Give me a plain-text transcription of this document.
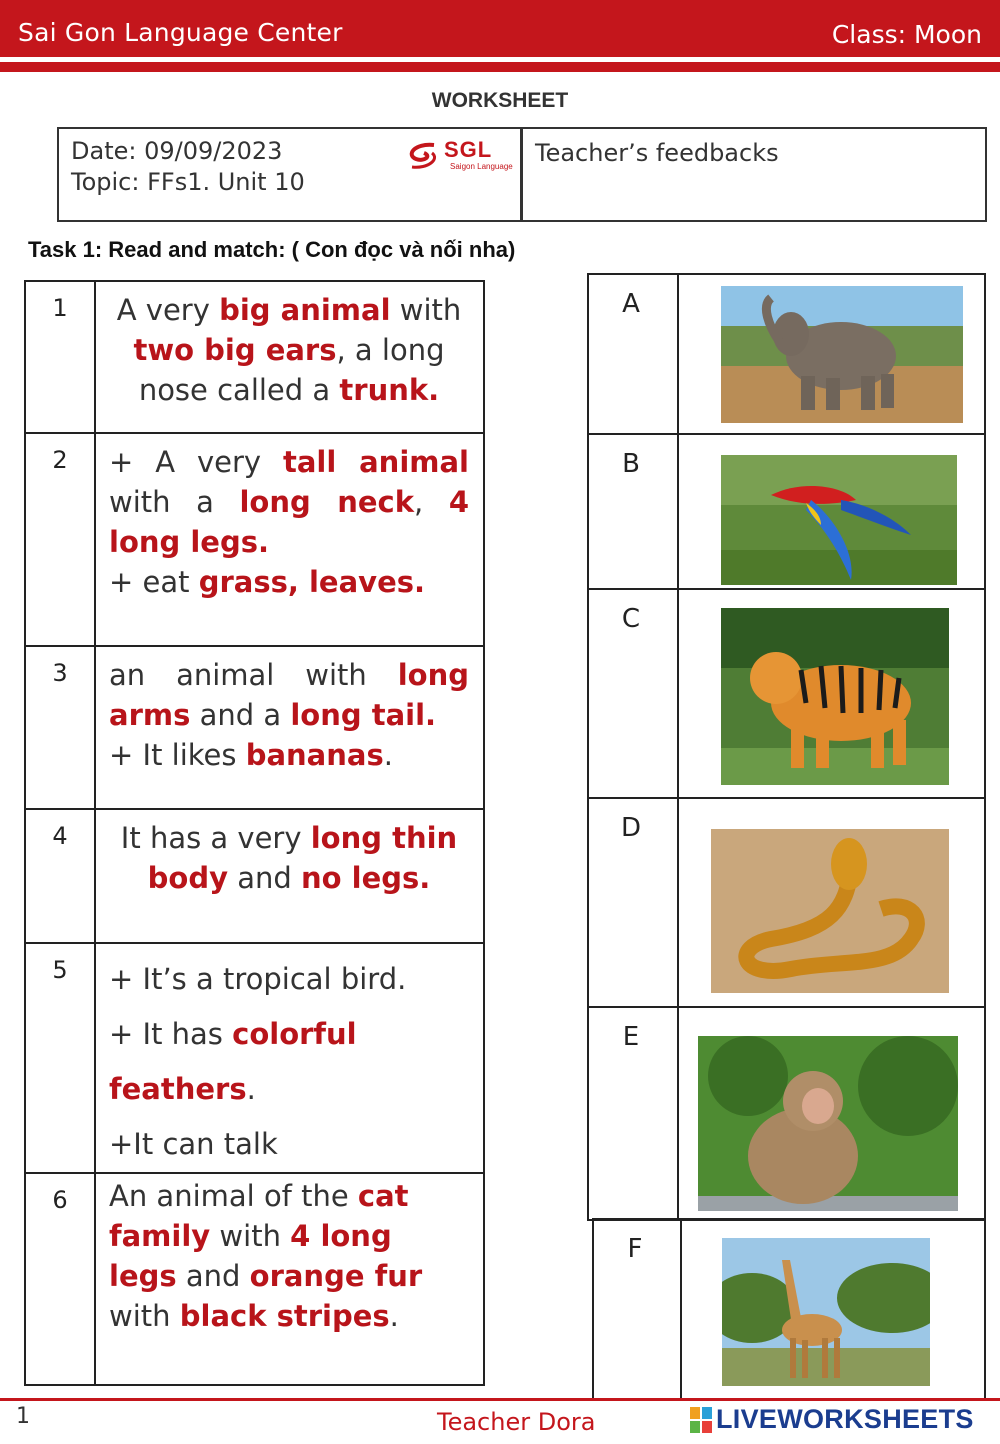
Sai Gon Language Center	Class: Moon
WORKSHEET
Date: 09/09/2023
Topic: FFs1. Unit 10
SGL
Saigon Language Teacher’s feedbacks
Task 1: Read and match: ( Con đọc và nối nha)
1	A very big animal with two big ears, a long nose called a trunk.
2	+ A very tall animal with a long neck, 4 long legs.
+ eat grass, leaves.
3	an animal with long arms and a long tail.
+ It likes bananas.
4	It has a very long thin body and no legs.
5	+ It’s a tropical bird.
+ It has colorful
feathers.
+It can talk
6	An animal of the cat family with 4 long legs and orange fur with black stripes.
A	

B	

C	

D	

E	
F	
1	Teacher Dora	LIVEWORKSHEETS
